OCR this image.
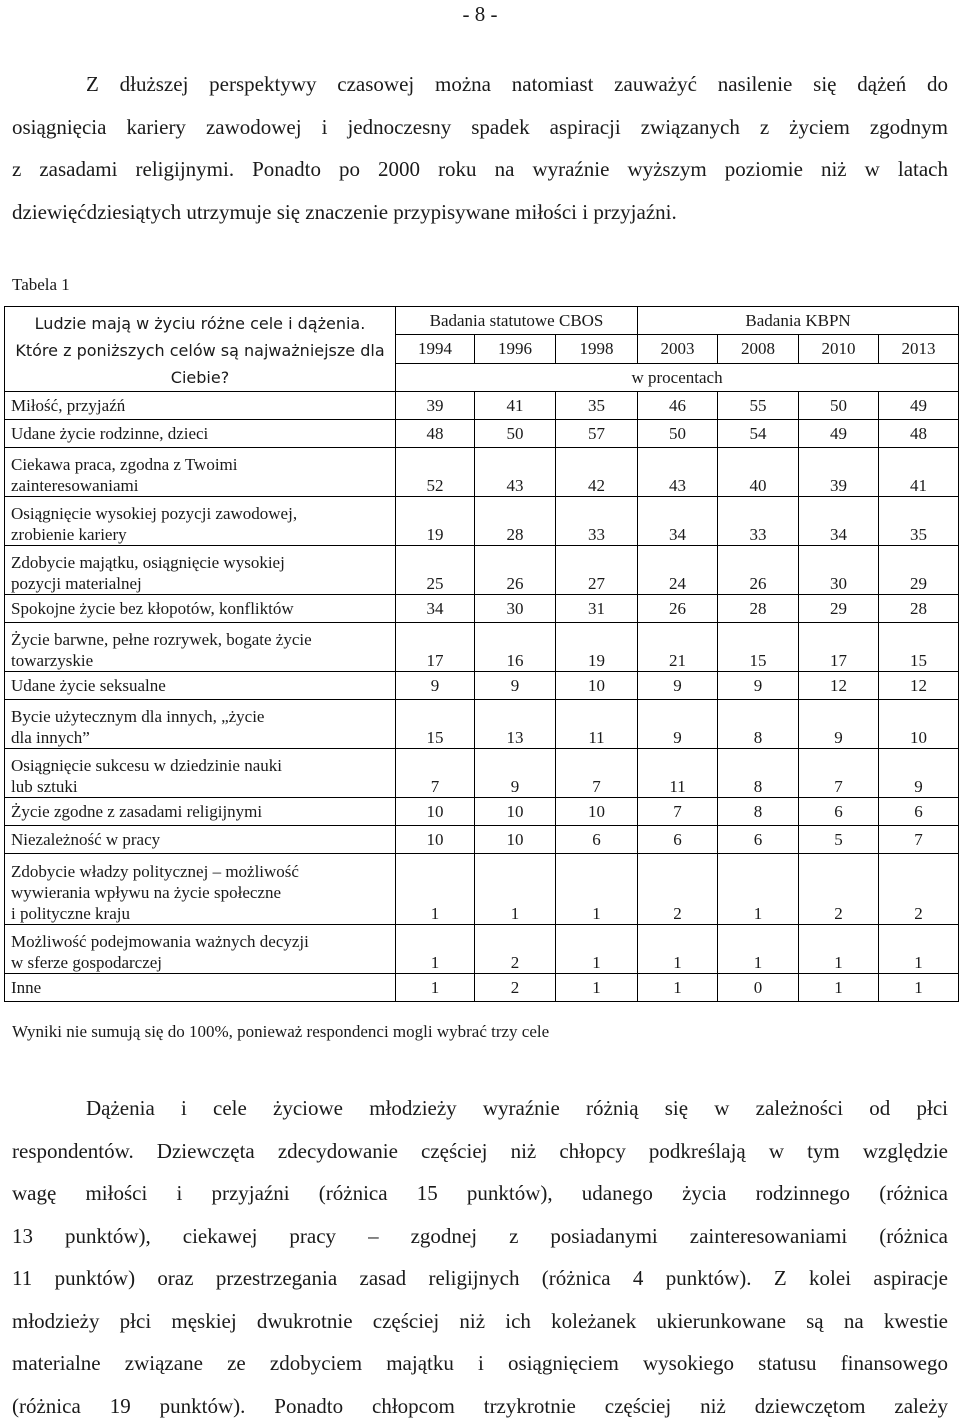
- 8 -
Z dłuższej perspektywy czasowej można natomiast zauważyć nasilenie się dążeń do
osiągnięcia kariery zawodowej i jednoczesny spadek aspiracji związanych z życiem zgodnym
z zasadami religijnymi. Ponadto po 2000 roku na wyraźnie wyższym poziomie niż w latach
dziewięćdziesiątych utrzymuje się znaczenie przypisywane miłości i przyjaźni.
Tabela 1
Ludzie mają w życiu różne cele i dążenia. Które z poniższych celów są najważniejsze dla Ciebie?	Badania statutowe CBOS			Badania KBPN			
	1994	1996	1998	2003	2008	2010	2013
	w procentach						
Miłość, przyjaźń	39	41	35	46	55	50	49
Udane życie rodzinne, dzieci	48	50	57	50	54	49	48
Ciekawa praca, zgodna z Twoimi
zainteresowaniami	52	43	42	43	40	39	41
Osiągnięcie wysokiej pozycji zawodowej,
zrobienie kariery	19	28	33	34	33	34	35
Zdobycie majątku, osiągnięcie wysokiej
pozycji materialnej	25	26	27	24	26	30	29
Spokojne życie bez kłopotów, konfliktów	34	30	31	26	28	29	28
Życie barwne, pełne rozrywek, bogate życie
towarzyskie	17	16	19	21	15	17	15
Udane życie seksualne	9	9	10	9	9	12	12
Bycie użytecznym dla innych, „życie
dla innych”	15	13	11	9	8	9	10
Osiągnięcie sukcesu w dziedzinie nauki
lub sztuki	7	9	7	11	8	7	9
Życie zgodne z zasadami religijnymi	10	10	10	7	8	6	6
Niezależność w pracy	10	10	6	6	6	5	7
Zdobycie władzy politycznej – możliwość
wywierania wpływu na życie społeczne
i polityczne kraju	1	1	1	2	1	2	2
Możliwość podejmowania ważnych decyzji
w sferze gospodarczej	1	2	1	1	1	1	1
Inne	1	2	1	1	0	1	1
Wyniki nie sumują się do 100%, ponieważ respondenci mogli wybrać trzy cele
Dążenia i cele życiowe młodzieży wyraźnie różnią się w zależności od płci
respondentów. Dziewczęta zdecydowanie częściej niż chłopcy podkreślają w tym względzie
wagę miłości i przyjaźni (różnica 15 punktów), udanego życia rodzinnego (różnica
13 punktów), ciekawej pracy – zgodnej z posiadanymi zainteresowaniami (różnica
11 punktów) oraz przestrzegania zasad religijnych (różnica 4 punktów). Z kolei aspiracje
młodzieży płci męskiej dwukrotnie częściej niż ich koleżanek ukierunkowane są na kwestie
materialne związane ze zdobyciem majątku i osiągnięciem wysokiego statusu finansowego
(różnica 19 punktów). Ponadto chłopcom trzykrotnie częściej niż dziewczętom zależy
